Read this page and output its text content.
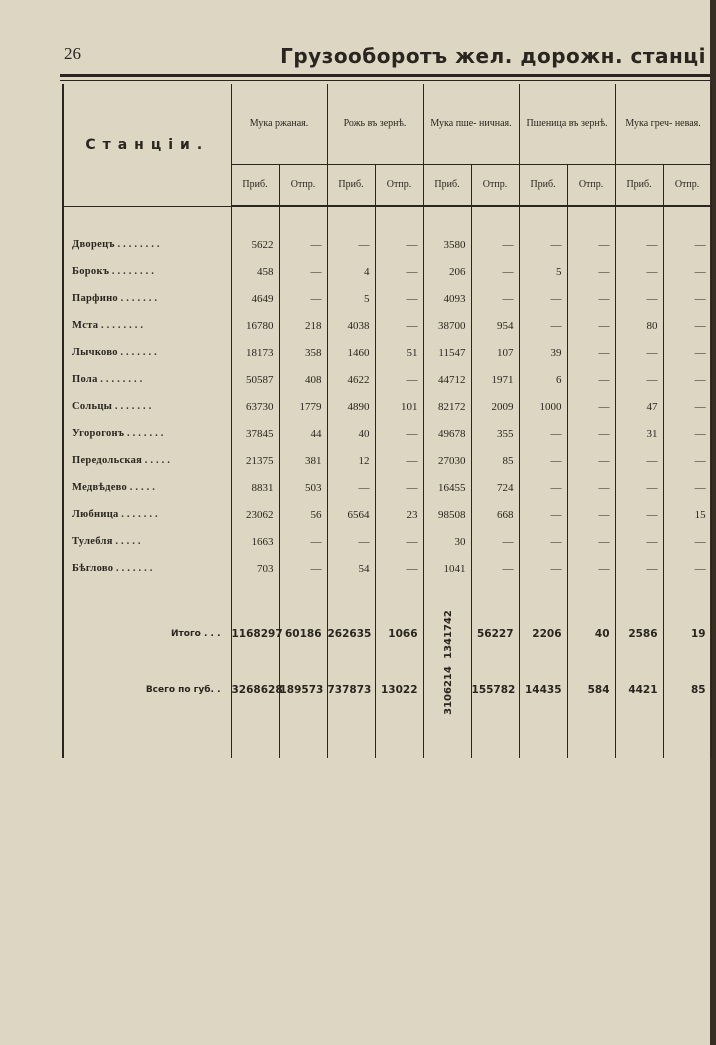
26	Грузооборотъ жел. дорожн. станці
Станціи.	Мука ржаная.		Рожь въ зернѣ.		Мука пше- ничная.		Пшеница въ зернѣ.		Мука греч- невая.	
	Приб.	Отпр.	Приб.	Отпр.	Приб.	Отпр.	Приб.	Отпр.	Приб.	Отпр.

Дворецъ ........	5622	—	—	—	3580	—	—	—	—	—
Борокъ ........	458	—	4	—	206	—	5	—	—	—
Парфино .......	4649	—	5	—	4093	—	—	—	—	—
Мста ........	16780	218	4038	—	38700	954	—	—	80	—
Лычково .......	18173	358	1460	51	11547	107	39	—	—	—
Пола ........	50587	408	4622	—	44712	1971	6	—	—	—
Сольцы .......	63730	1779	4890	101	82172	2009	1000	—	47	—
Угорогонъ .......	37845	44	40	—	49678	355	—	—	31	—
Передольская .....	21375	381	12	—	27030	85	—	—	—	—
Медвѣдево .....	8831	503	—	—	16455	724	—	—	—	—
Любница .......	23062	56	6564	23	98508	668	—	—	—	15
Тулебля .....	1663	—	—	—	30	—	—	—	—	—
Бѣглово .......	703	—	54	—	1041	—	—	—	—	—

Итого . . .	1168297	60186	262635	1066	1341742	56227	2206	40	2586	19
Всего по губ. .	3268628	189573	737873	13022	3106214	155782	14435	584	4421	85
